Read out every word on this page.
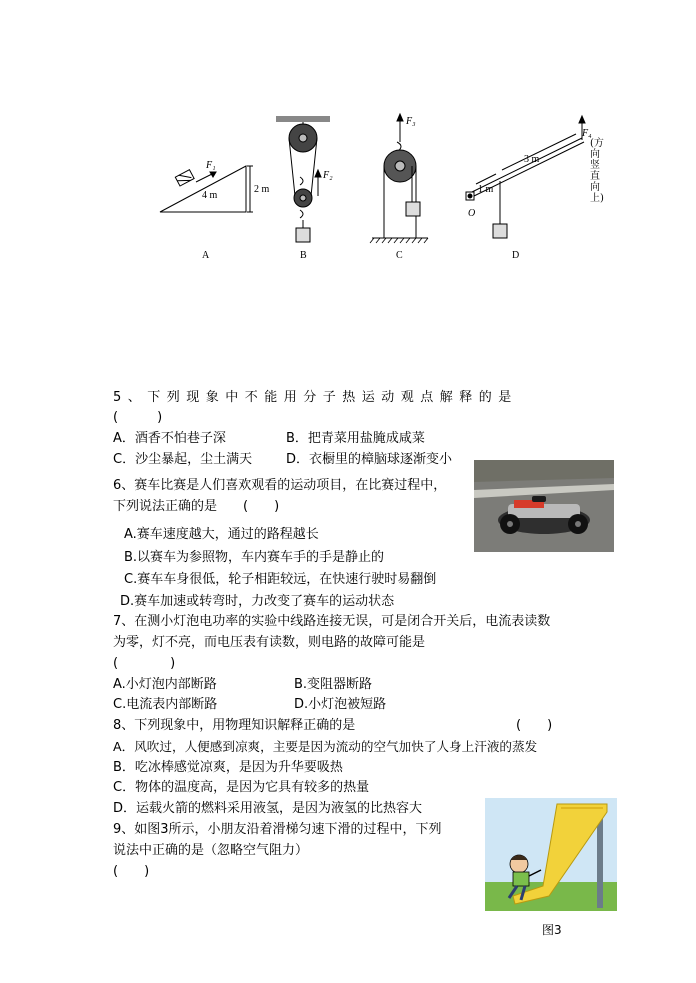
F₁
4 m
2 m
A
F₂
B
F₃
C
F₄
3 m
1 m
O
D
(方向竖直向上)
5、下列现象中不能用分子热运动观点解释的是
(　　　)
A．酒香不怕巷子深	B．把青菜用盐腌成咸菜
C．沙尘暴起，尘土满天	D．衣橱里的樟脑球逐渐变小
6、赛车比赛是人们喜欢观看的运动项目，在比赛过程中，
下列说法正确的是 (　　)
A.赛车速度越大，通过的路程越长
B.以赛车为参照物，车内赛车手的手是静止的
C.赛车车身很低，轮子相距较远，在快速行驶时易翻倒
D.赛车加速或转弯时，力改变了赛车的运动状态
7、在测小灯泡电功率的实验中线路连接无误，可是闭合开关后，电流表读数
为零，灯不亮，而电压表有读数，则电路的故障可能是
(　　　　)
A.小灯泡内部断路	B.变阻器断路
C.电流表内部断路	D.小灯泡被短路
8、下列现象中，用物理知识解释正确的是	(　　)
A．风吹过，人便感到凉爽，主要是因为流动的空气加快了人身上汗液的蒸发
B．吃冰棒感觉凉爽，是因为升华要吸热
C．物体的温度高，是因为它具有较多的热量
D．运载火箭的燃料采用液氢，是因为液氢的比热容大
9、如图3所示，小朋友沿着滑梯匀速下滑的过程中，下列
说法中正确的是（忽略空气阻力）
(　　)
图3
